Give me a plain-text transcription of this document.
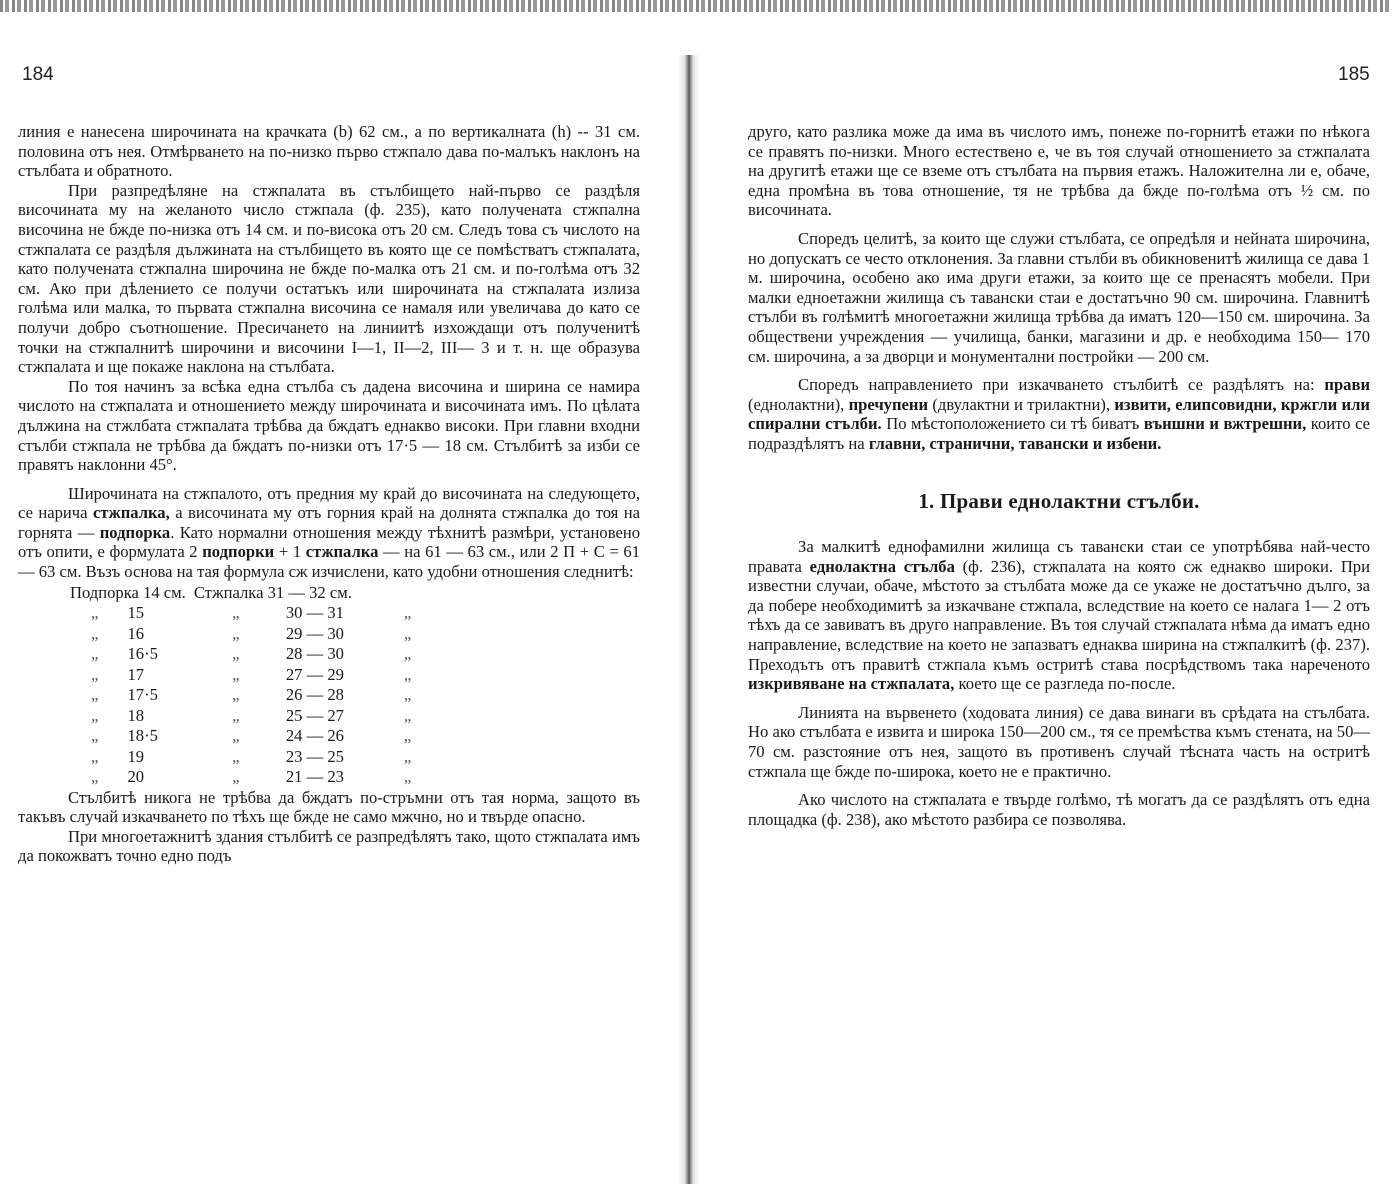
184	185

линия е нанесена широчината на крачката (b) 62 см., а по вертикалната (h) -- 31 см. половина отъ нея. Отмѣрването на по-низко първо стжпало дава по-малъкъ наклонъ на стълбата и обратното.

При разпредѣляне на стжпалата въ стълбището най-първо се раздѣля височината му на желаното число стжпала (ф. 235), като получената стжпална височина не бжде по-низка отъ 14 см. и по-висока отъ 20 см. Следъ това съ числото на стжпалата се раздѣля дължината на стълбището въ която ще се помѣстватъ стжпалата, като получената стжпална широчина не бжде по-малка отъ 21 см. и по-голѣма отъ 32 см. Ако при дѣлението се получи остатъкъ или широчината на стжпалата излиза голѣма или малка, то първата стжпална височина се намаля или увеличава до като се получи добро съотношение. Пресичането на линиитѣ изхождащи отъ полученитѣ точки на стжпалнитѣ широчини и височини I—1, II—2, III— 3 и т. н. ще образува стжпалата и ще покаже наклона на стълбата.

По тоя начинъ за всѣка една стълба съ дадена височина и ширина се намира числото на стжпалата и отношението между широчината и височината имъ. По цѣлата дължина на стжлбата стжпалата трѣбва да бждатъ еднакво високи. При главни входни стълби стжпала не трѣбва да бждатъ по-низки отъ 17·5 — 18 см. Стълбитѣ за изби се правятъ наклонни 45°.

Широчината на стжпалото, отъ предния му край до височината на следующето, се нарича стжпалка, а височината му отъ горния край на долнята стжпалка до тоя на горнята — подпорка. Като нормални отношения между тѣхнитѣ размѣри, установено отъ опити, е формулата 2 подпорки + 1 стжпалка — на 61 — 63 см., или 2 П + С = 61 — 63 см. Възъ основа на тая формула сж изчислени, като удобни отношения следнитѣ:

Подпорка 14 см.		Стжпалка 31 — 32 см.		
„	15	„	30 — 31	„
„	16	„	29 — 30	„
„	16·5	„	28 — 30	„
„	17	„	27 — 29	„
„	17·5	„	26 — 28	„
„	18	„	25 — 27	„
„	18·5	„	24 — 26	„
„	19	„	23 — 25	„
„	20	„	21 — 23	„

Стълбитѣ никога не трѣбва да бждатъ по-стръмни отъ тая норма, защото въ такъвъ случай изкачването по тѣхъ ще бжде не само мжчно, но и твърде опасно.

При многоетажнитѣ здания стълбитѣ се разпредѣлятъ тако, щото стжпалата имъ да покожватъ точно едно подъ

друго, като разлика може да има въ числото имъ, понеже по-горнитѣ етажи по нѣкога се правятъ по-низки. Много естествено е, че въ тоя случай отношението за стжпалата на другитѣ етажи ще се вземе отъ стълбата на първия етажъ. Наложителна ли е, обаче, една промѣна въ това отношение, тя не трѣбва да бжде по-голѣма отъ ½ см. по височината.

Споредъ целитѣ, за които ще служи стълбата, се опредѣля и нейната широчина, но допускатъ се често отклонения. За главни стълби въ обикновенитѣ жилища се дава 1 м. широчина, особено ако има други етажи, за които ще се пренасятъ мобели. При малки едноетажни жилища съ тавански стаи е достатъчно 90 см. широчина. Главнитѣ стълби въ голѣмитѣ многоетажни жилища трѣбва да иматъ 120—150 см. широчина. За обществени учреждения — училища, банки, магазини и др. е необходима 150— 170 см. широчина, а за дворци и монументални постройки — 200 см.

Споредъ направлението при изкачването стълбитѣ се раздѣлятъ на: прави (еднолактни), пречупени (двулактни и трилактни), извити, елипсовидни, кржгли или спирални стълби. По мѣстоположението си тѣ биватъ външни и вжтрешни, които се подраздѣлятъ на главни, странични, тавански и избени.

1. Прави еднолактни стълби.

За малкитѣ еднофамилни жилища съ тавански стаи се употрѣбява най-често правата еднолактна стълба (ф. 236), стжпалата на която сж еднакво широки. При известни случаи, обаче, мѣстото за стълбата може да се укаже не достатъчно дълго, за да побере необходимитѣ за изкачване стжпала, вследствие на което се налага 1— 2 отъ тѣхъ да се завиватъ въ друго направление. Въ тоя случай стжпалата нѣма да иматъ едно направление, вследствие на което не запазватъ еднаква ширина на стжпалкитѣ (ф. 237). Преходътъ отъ правитѣ стжпала къмъ остритѣ става посрѣдствомъ така нареченото изкривяване на стжпалата, което ще се разгледа по-после.

Линията на вървенето (ходовата линия) се дава винаги въ срѣдата на стълбата. Но ако стълбата е извита и широка 150—200 см., тя се премѣства къмъ стената, на 50—70 см. разстояние отъ нея, защото въ противенъ случай тѣсната часть на остритѣ стжпала ще бжде по-широка, което не е практично.

Ако числото на стжпалата е твърде голѣмо, тѣ могатъ да се раздѣлятъ отъ една площадка (ф. 238), ако мѣстото разбира се позволява.
